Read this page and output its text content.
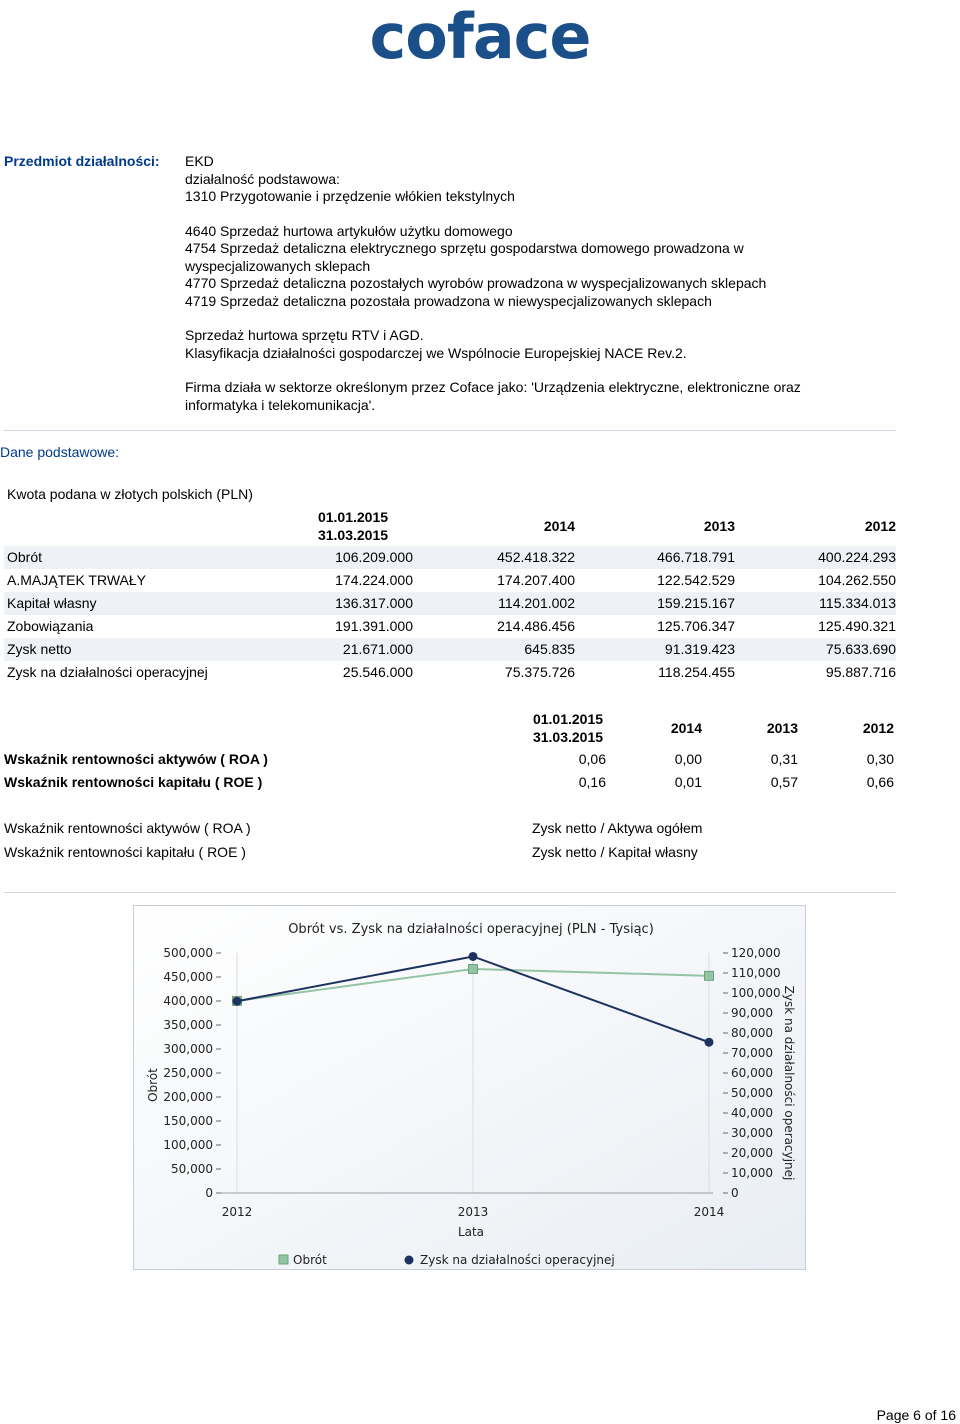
coface
Przedmiot działalności: EKD
działalność podstawowa:
1310 Przygotowanie i przędzenie włókien tekstylnych
4640 Sprzedaż hurtowa artykułów użytku domowego
4754 Sprzedaż detaliczna elektrycznego sprzętu gospodarstwa domowego prowadzona w
wyspecjalizowanych sklepach
4770 Sprzedaż detaliczna pozostałych wyrobów prowadzona w wyspecjalizowanych sklepach
4719 Sprzedaż detaliczna pozostała prowadzona w niewyspecjalizowanych sklepach
Sprzedaż hurtowa sprzętu RTV i AGD.
Klasyfikacja działalności gospodarczej we Wspólnocie Europejskiej NACE Rev.2.
Firma działa w sektorze określonym przez Coface jako: 'Urządzenia elektryczne, elektroniczne oraz
informatyka i telekomunikacja'.
Dane podstawowe:
Kwota podana w złotych polskich (PLN)

	01.01.2015
31.03.2015	2014	2013	2012
Obrót	106.209.000	452.418.322	466.718.791	400.224.293
A.MAJĄTEK TRWAŁY	174.224.000	174.207.400	122.542.529	104.262.550
Kapitał własny	136.317.000	114.201.002	159.215.167	115.334.013
Zobowiązania	191.391.000	214.486.456	125.706.347	125.490.321
Zysk netto	21.671.000	645.835	91.319.423	75.633.690
Zysk na działalności operacyjnej	25.546.000	75.375.726	118.254.455	95.887.716

	01.01.2015
31.03.2015	2014	2013	2012
Wskaźnik rentowności aktywów ( ROA )	0,06	0,00	0,31	0,30
Wskaźnik rentowności kapitału ( ROE )	0,16	0,01	0,57	0,66
Wskaźnik rentowności aktywów ( ROA )	Zysk netto / Aktywa ogółem
Wskaźnik rentowności kapitału ( ROE )	Zysk netto / Kapitał własny
Obrót vs. Zysk na działalności operacyjnej (PLN - Tysiąc)
0
50,000
100,000
150,000
200,000
250,000
300,000
350,000
400,000
450,000
500,000
0
10,000
20,000
30,000
40,000
50,000
60,000
70,000
80,000
90,000
100,000
110,000
120,000
2012	2013	2014
Obrót	Zysk na działalności operacyjnej
Lata
Obrót	Zysk na działalności operacyjnej
Page 6 of 16
